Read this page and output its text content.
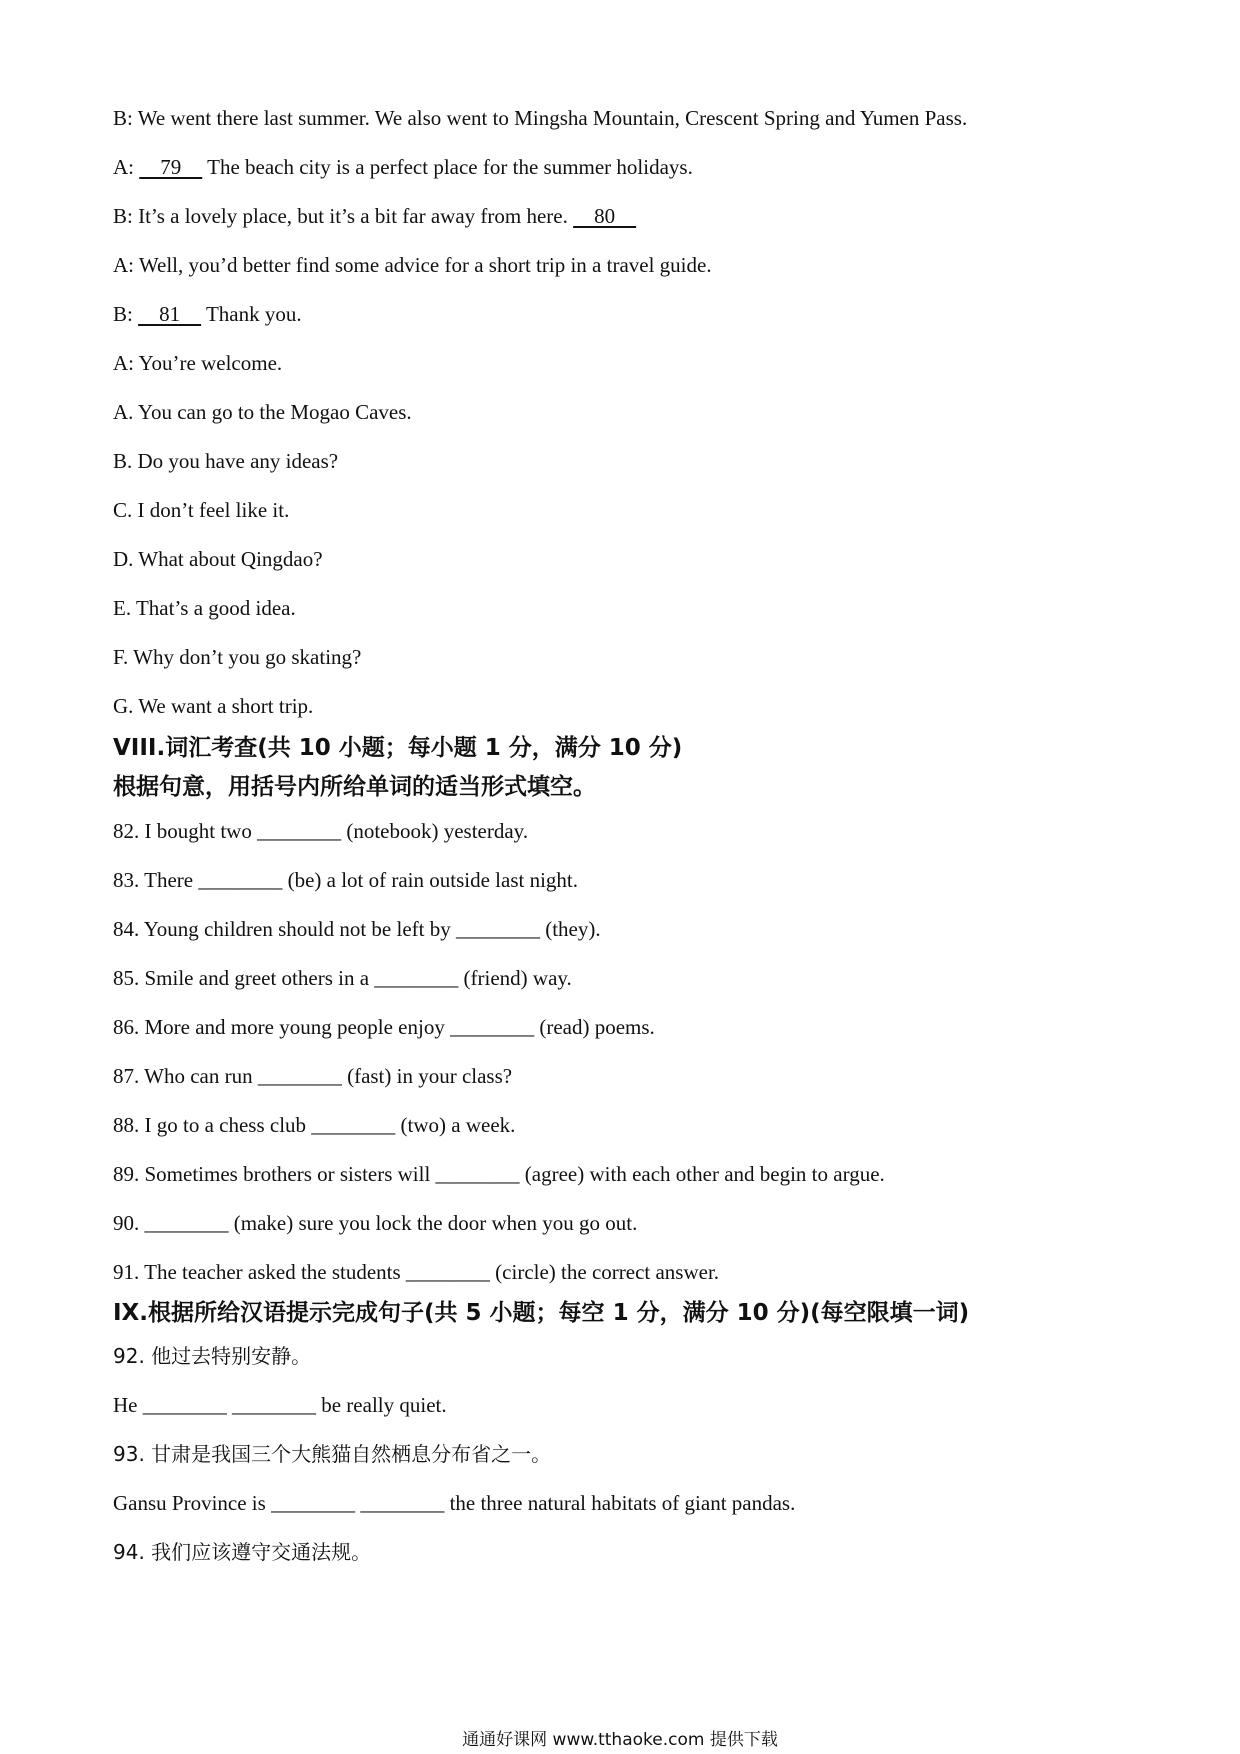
B: We went there last summer. We also went to Mingsha Mountain, Crescent Spring and Yumen Pass.
A:     79     The beach city is a perfect place for the summer holidays.
B: It’s a lovely place, but it’s a bit far away from here.     80
A: Well, you’d better find some advice for a short trip in a travel guide.
B:     81     Thank you.
A: You’re welcome.
A. You can go to the Mogao Caves.
B. Do you have any ideas?
C. I don’t feel like it.
D. What about Qingdao?
E. That’s a good idea.
F. Why don’t you go skating?
G. We want a short trip.
VIII.词汇考查(共 10 小题；每小题 1 分，满分 10 分)
根据句意，用括号内所给单词的适当形式填空。
82. I bought two ________ (notebook) yesterday.
83. There ________ (be) a lot of rain outside last night.
84. Young children should not be left by ________ (they).
85. Smile and greet others in a ________ (friend) way.
86. More and more young people enjoy ________ (read) poems.
87. Who can run ________ (fast) in your class?
88. I go to a chess club ________ (two) a week.
89. Sometimes brothers or sisters will ________ (agree) with each other and begin to argue.
90. ________ (make) sure you lock the door when you go out.
91. The teacher asked the students ________ (circle) the correct answer.
IX.根据所给汉语提示完成句子(共 5 小题；每空 1 分，满分 10 分)(每空限填一词)
92. 他过去特别安静。
He ________ ________ be really quiet.
93. 甘肃是我国三个大熊猫自然栖息分布省之一。
Gansu Province is ________ ________ the three natural habitats of giant pandas.
94. 我们应该遵守交通法规。
通通好课网 www.tthaoke.com 提供下载
